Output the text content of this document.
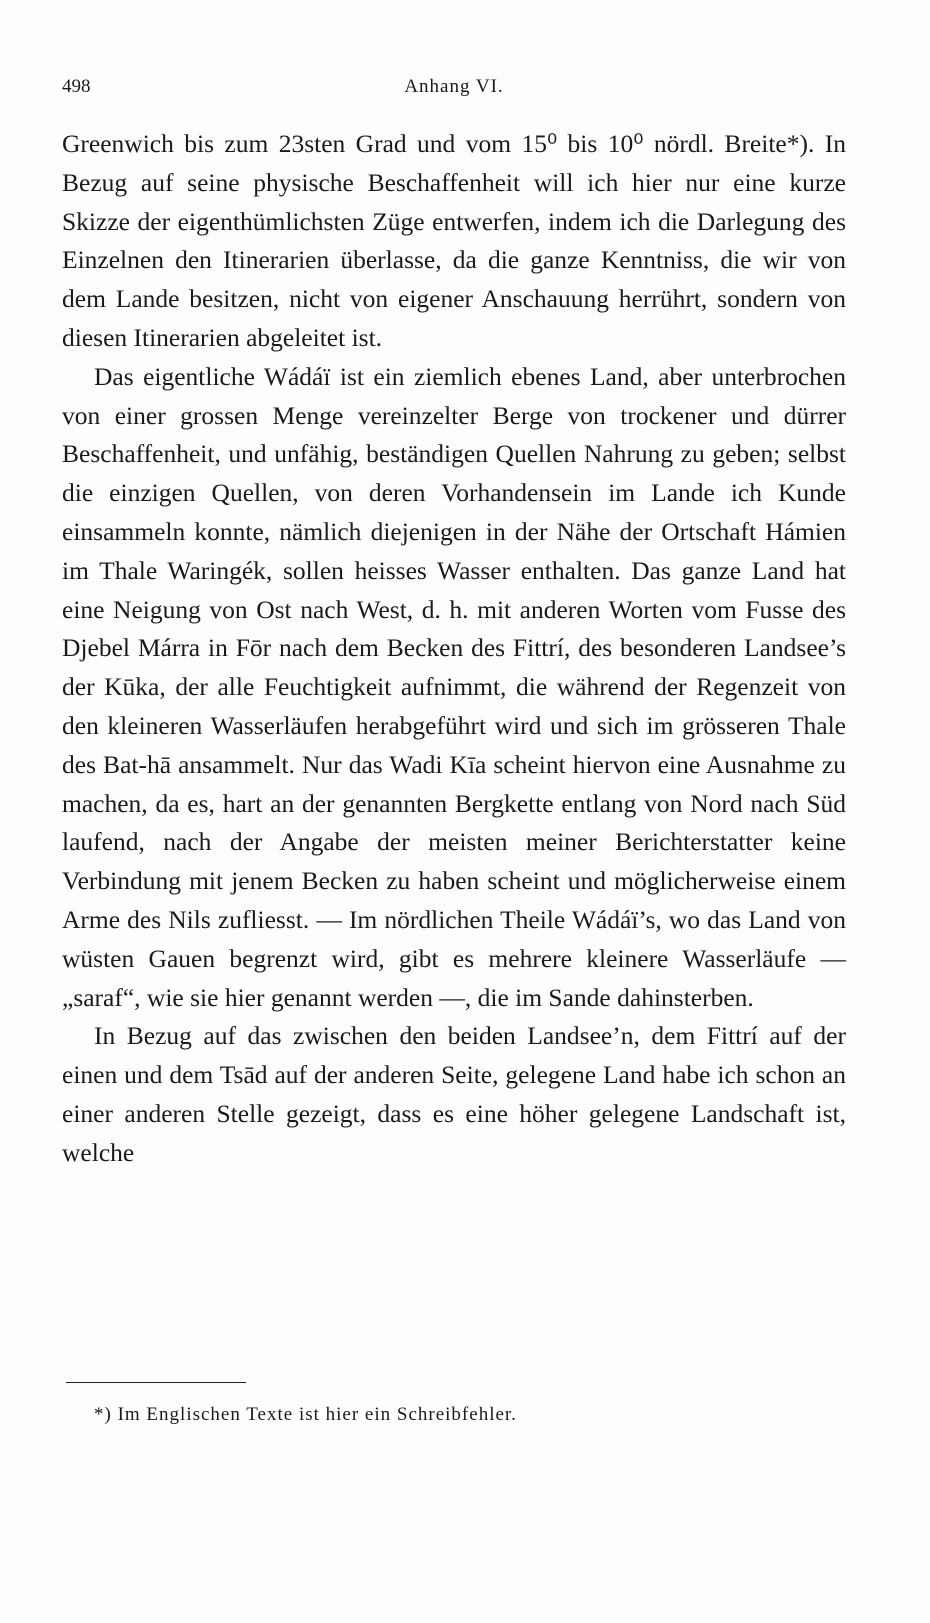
498	Anhang VI.

Greenwich bis zum 23sten Grad und vom 15⁰ bis 10⁰ nördl. Breite*). In Bezug auf seine physische Beschaffenheit will ich hier nur eine kurze Skizze der eigenthümlichsten Züge entwerfen, indem ich die Darlegung des Einzelnen den Itinerarien überlasse, da die ganze Kenntniss, die wir von dem Lande besitzen, nicht von eigener Anschauung herrührt, sondern von diesen Itinerarien abgeleitet ist.

Das eigentliche Wádáï ist ein ziemlich ebenes Land, aber unterbrochen von einer grossen Menge vereinzelter Berge von trockener und dürrer Beschaffenheit, und unfähig, beständigen Quellen Nahrung zu geben; selbst die einzigen Quellen, von deren Vorhandensein im Lande ich Kunde einsammeln konnte, nämlich diejenigen in der Nähe der Ortschaft Hámien im Thale Waringék, sollen heisses Wasser enthalten. Das ganze Land hat eine Neigung von Ost nach West, d. h. mit anderen Worten vom Fusse des Djebel Márra in Fōr nach dem Becken des Fittrí, des besonderen Landsee’s der Kūka, der alle Feuchtigkeit aufnimmt, die während der Regenzeit von den kleineren Wasserläufen herabgeführt wird und sich im grösseren Thale des Bat-hā ansammelt. Nur das Wadi Kīa scheint hiervon eine Ausnahme zu machen, da es, hart an der genannten Bergkette entlang von Nord nach Süd laufend, nach der Angabe der meisten meiner Berichterstatter keine Verbindung mit jenem Becken zu haben scheint und möglicherweise einem Arme des Nils zufliesst. — Im nördlichen Theile Wádáï’s, wo das Land von wüsten Gauen begrenzt wird, gibt es mehrere kleinere Wasserläufe — „saraf“, wie sie hier genannt werden —, die im Sande dahinsterben.

In Bezug auf das zwischen den beiden Landsee’n, dem Fittrí auf der einen und dem Tsād auf der anderen Seite, gelegene Land habe ich schon an einer anderen Stelle gezeigt, dass es eine höher gelegene Landschaft ist, welche

*) Im Englischen Texte ist hier ein Schreibfehler.
